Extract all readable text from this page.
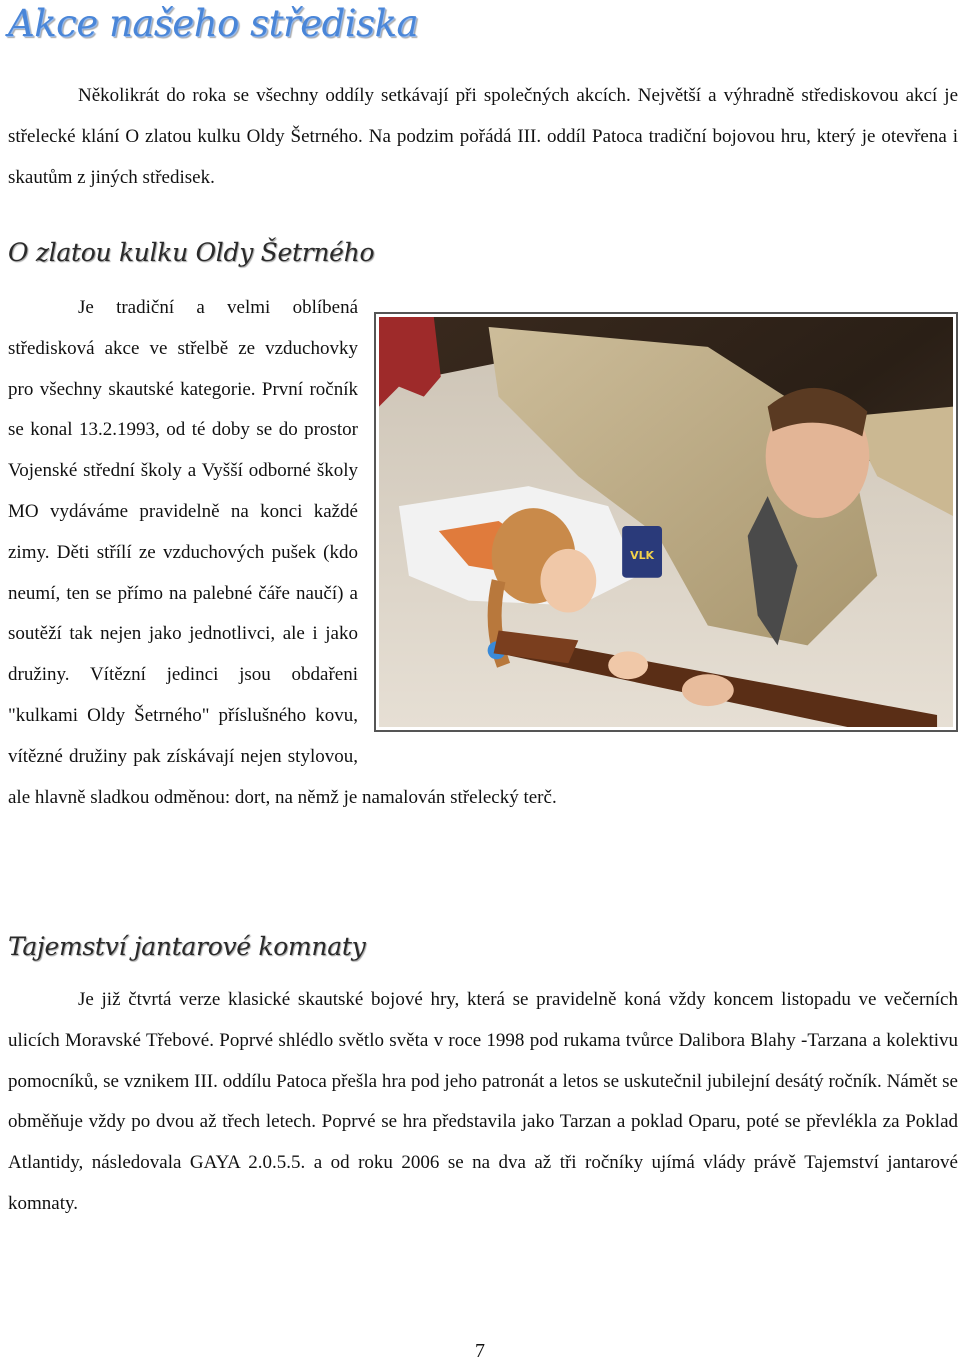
Akce našeho střediska

Několikrát do roka se všechny oddíly setkávají při společných akcích. Největší a výhradně střediskovou akcí je střelecké klání O zlatou kulku Oldy Šetrného. Na podzim pořádá III. oddíl Patoca tradiční bojovou hru, který je otevřena i skautům z jiných středisek.

O zlatou kulku Oldy Šetrného
VLK
Je tradiční a velmi oblíbená středisková akce ve střelbě ze vzduchovky pro všechny skautské kategorie. První ročník se konal 13.2.1993, od té doby se do prostor Vojenské střední školy a Vyšší odborné školy MO vydáváme pravidelně na konci každé zimy. Děti střílí ze vzduchových pušek (kdo neumí, ten se přímo na palebné čáře naučí) a soutěží tak nejen jako jednotlivci, ale i jako družiny. Vítězní jedinci jsou obdařeni "kulkami Oldy Šetrného" příslušného kovu, vítězné družiny pak získávají nejen stylovou, ale hlavně sladkou odměnou: dort, na němž je namalován střelecký terč.
Tajemství jantarové komnaty

Je již čtvrtá verze klasické skautské bojové hry, která se pravidelně koná vždy koncem listopadu ve večerních ulicích Moravské Třebové. Poprvé shlédlo světlo světa v roce 1998 pod rukama tvůrce Dalibora Blahy -Tarzana a kolektivu pomocníků, se vznikem III. oddílu Patoca přešla hra pod jeho patronát a letos se uskutečnil jubilejní desátý ročník. Námět se obměňuje vždy po dvou až třech letech. Poprvé se hra představila jako Tarzan a poklad Oparu, poté se převlékla za Poklad Atlantidy, následovala GAYA 2.0.5.5. a od roku 2006 se na dva až tři ročníky ujímá vlády právě Tajemství jantarové komnaty.

7
